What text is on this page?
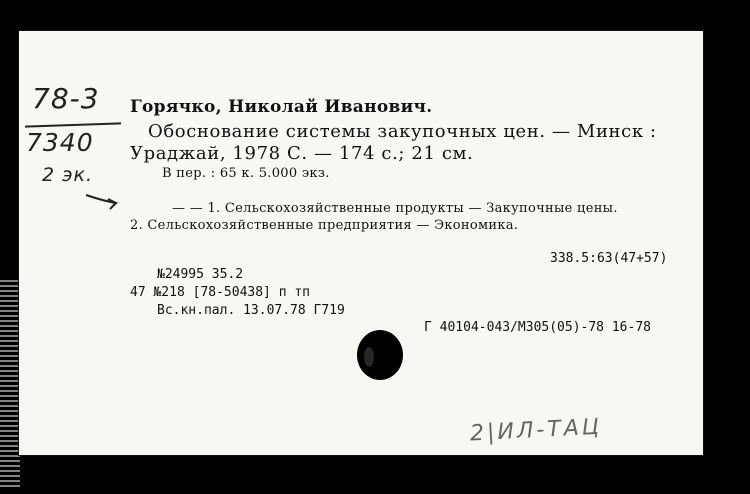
78-3
7340
2 эк.
Горячко, Николай Иванович.
Обоснование системы закупочных цен. — Минск :
Ураджай, 1978 С. — 174 с.; 21 см.
В пер. : 65 к. 5.000 экз.
— — 1. Сельскохозяйственные продукты — Закупочные цены.
2. Сельскохозяйственные предприятия — Экономика.
338.5:63(47+57)
№24995 35.2
47 №218 [78-50438] п тп
Вс.кн.пал. 13.07.78 Г719
Г 40104-043/М305(05)-78 16-78
2|ИЛ-ТАЦ
